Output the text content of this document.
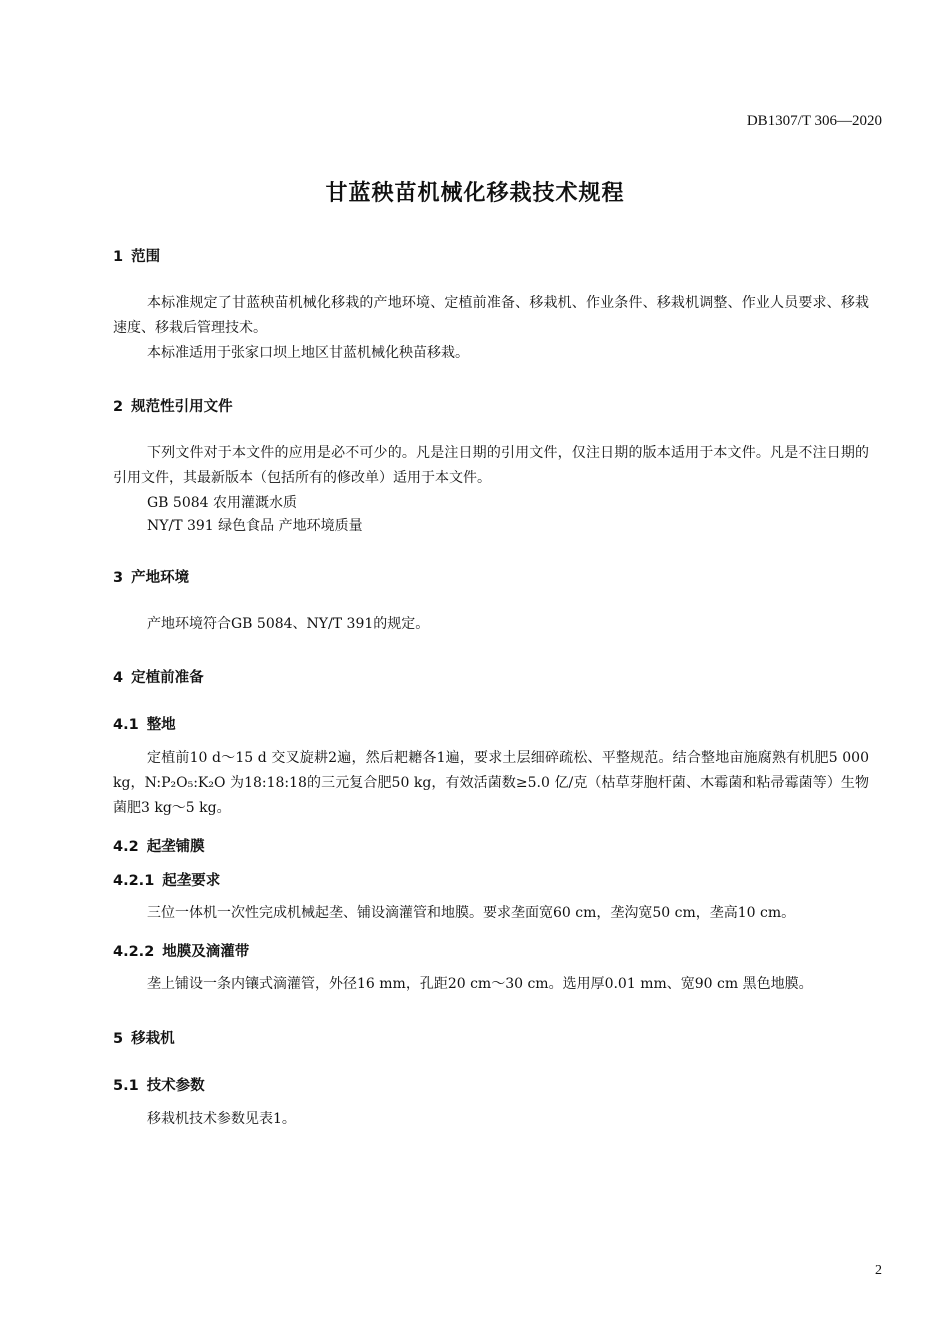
DB1307/T 306—2020
甘蓝秧苗机械化移栽技术规程
1 范围

本标准规定了甘蓝秧苗机械化移栽的产地环境、定植前准备、移栽机、作业条件、移栽机调整、作业人员要求、移栽速度、移栽后管理技术。

本标准适用于张家口坝上地区甘蓝机械化秧苗移栽。

2 规范性引用文件

下列文件对于本文件的应用是必不可少的。凡是注日期的引用文件，仅注日期的版本适用于本文件。凡是不注日期的引用文件，其最新版本（包括所有的修改单）适用于本文件。

GB 5084 农用灌溉水质
NY/T 391 绿色食品 产地环境质量
3 产地环境

产地环境符合GB 5084、NY/T 391的规定。

4 定植前准备
4.1 整地

定植前10 d～15 d 交叉旋耕2遍，然后耙耱各1遍，要求土层细碎疏松、平整规范。结合整地亩施腐熟有机肥5 000 kg，N:P₂O₅:K₂O 为18:18:18的三元复合肥50 kg，有效活菌数≥5.0 亿/克（枯草芽胞杆菌、木霉菌和粘帚霉菌等）生物菌肥3 kg～5 kg。

4.2 起垄铺膜
4.2.1 起垄要求

三位一体机一次性完成机械起垄、铺设滴灌管和地膜。要求垄面宽60 cm，垄沟宽50 cm，垄高10 cm。

4.2.2 地膜及滴灌带

垄上铺设一条内镶式滴灌管，外径16 mm，孔距20 cm～30 cm。选用厚0.01 mm、宽90 cm 黑色地膜。

5 移栽机
5.1 技术参数

移栽机技术参数见表1。

2
